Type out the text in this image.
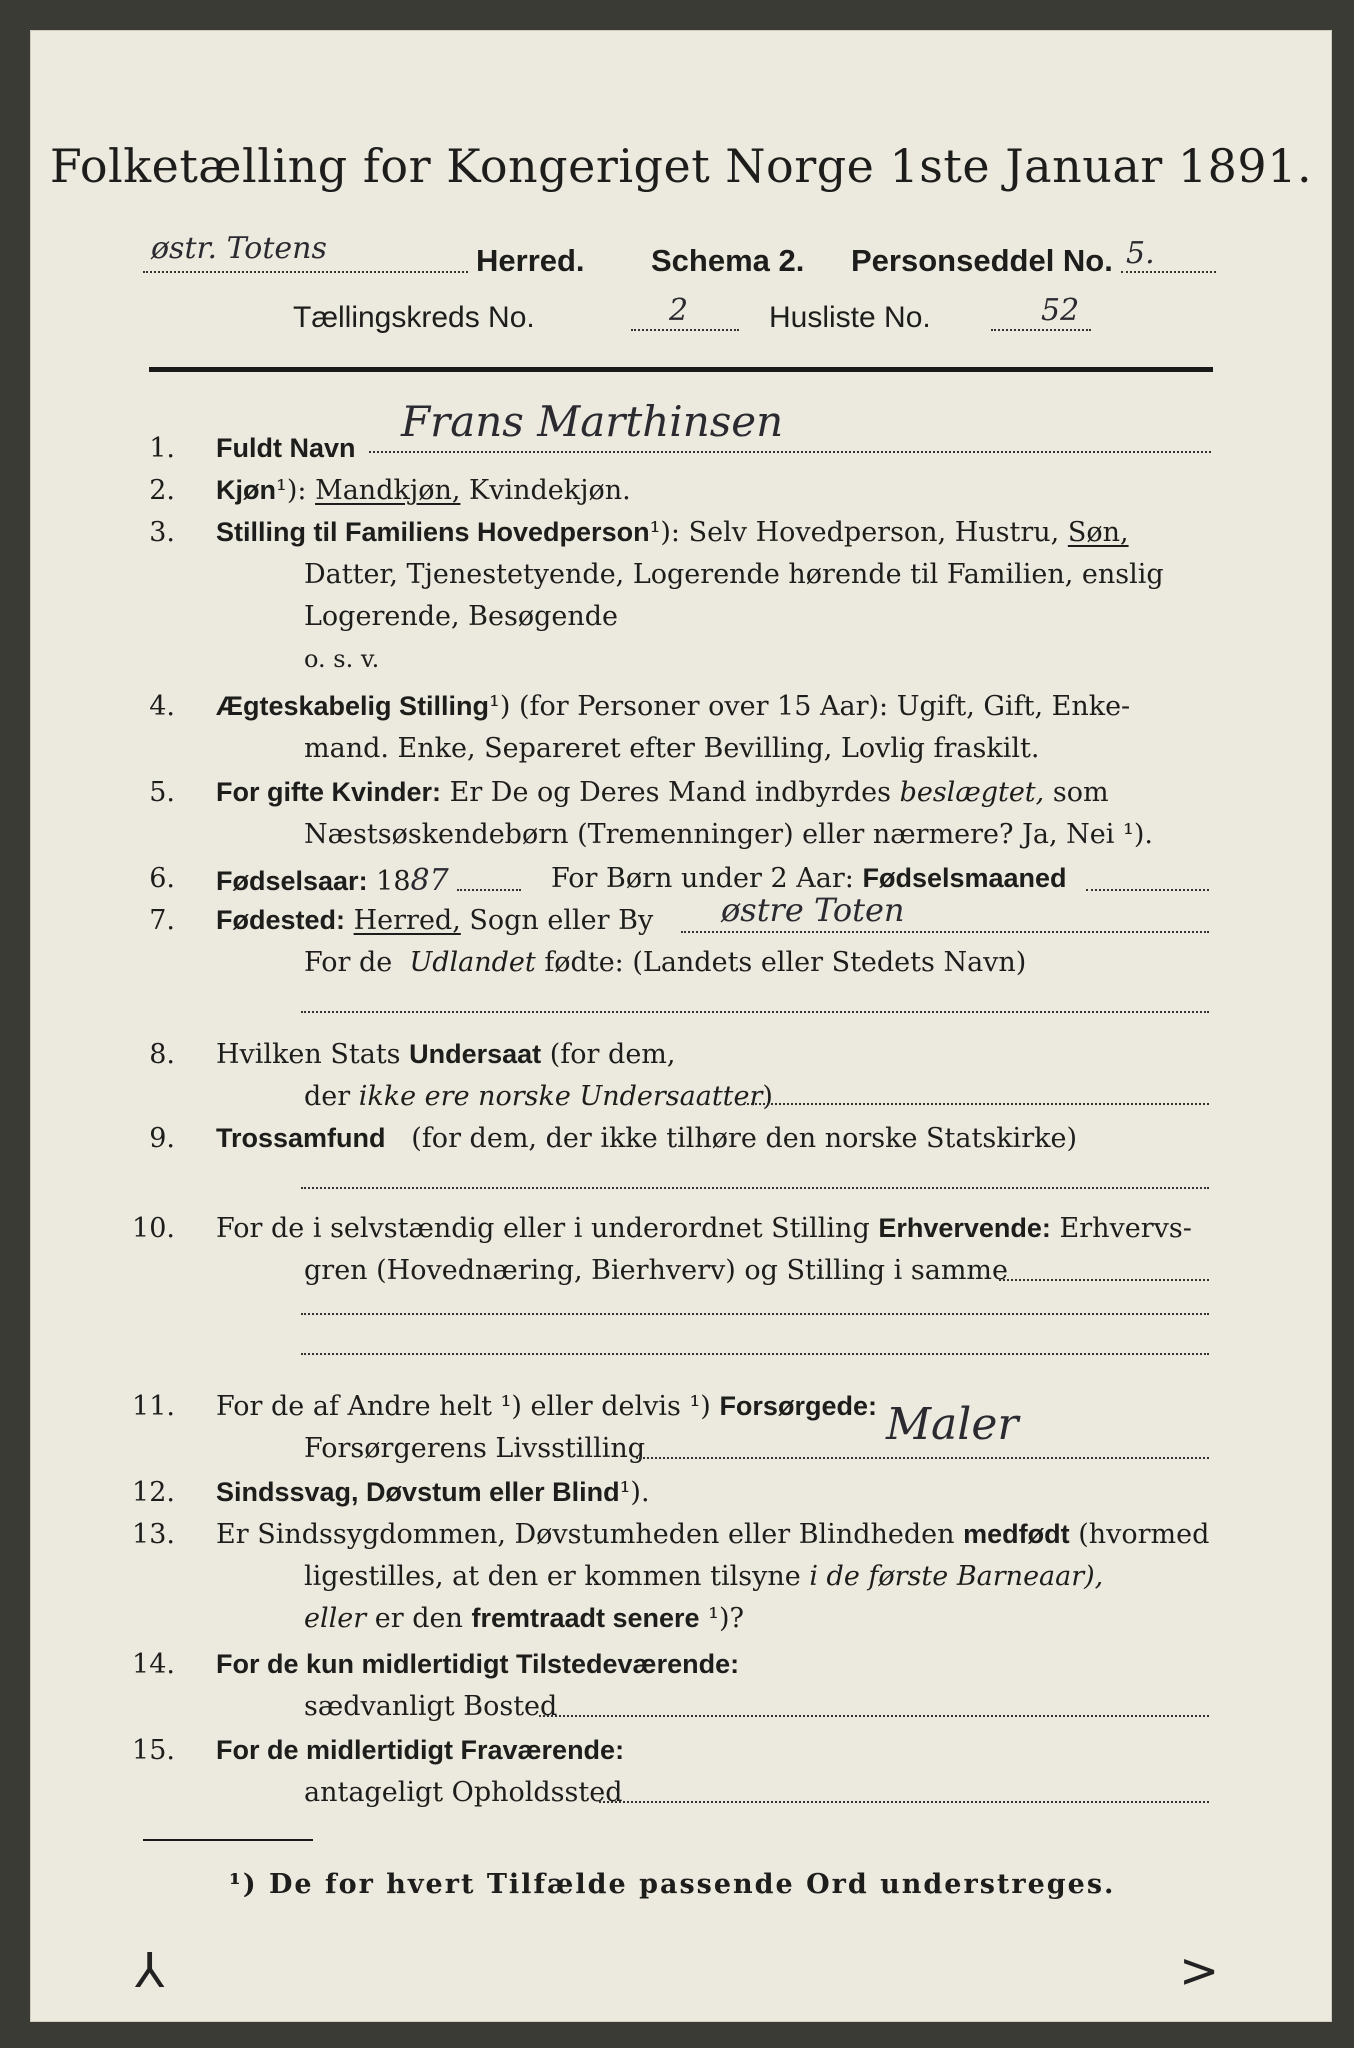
Folketælling for Kongeriget Norge 1ste Januar 1891.
østr. Totens	Herred. Schema 2. Personseddel No. 5.
Tællingskreds No.	2	Husliste No.	52
1. Fuldt Navn
Frans Marthinsen
2. Kjøn¹): Mandkjøn, Kvindekjøn.
3. Stilling til Familiens Hovedperson¹): Selv Hovedperson, Hustru, Søn,
Datter, Tjenestetyende, Logerende hørende til Familien, enslig
Logerende, Besøgende
o. s. v.
4. Ægteskabelig Stilling¹) (for Personer over 15 Aar): Ugift, Gift, Enke-
mand. Enke, Separeret efter Bevilling, Lovlig fraskilt.
5. For gifte Kvinder: Er De og Deres Mand indbyrdes beslægtet, som
Næstsøskendebørn (Tremenninger) eller nærmere? Ja, Nei ¹).
6. Fødselsaar: 1887	For Børn under 2 Aar: Fødselsmaaned
7. Fødested: Herred, Sogn eller By østre Toten
For de Udlandet fødte: (Landets eller Stedets Navn)
8. Hvilken Stats Undersaat (for dem,
der ikke ere norske Undersaatter)
9. Trossamfund (for dem, der ikke tilhøre den norske Statskirke)
10. For de i selvstændig eller i underordnet Stilling Erhvervende: Erhvervs-
gren (Hovednæring, Bierhverv) og Stilling i samme
11. For de af Andre helt ¹) eller delvis ¹) Forsørgede:
Forsørgerens Livsstilling	Maler
12. Sindssvag, Døvstum eller Blind¹).
13. Er Sindssygdommen, Døvstumheden eller Blindheden medfødt (hvormed
ligestilles, at den er kommen tilsyne i de første Barneaar),
eller er den fremtraadt senere ¹)?
14. For de kun midlertidigt Tilstedeværende:
sædvanligt Bosted
15. For de midlertidigt Fraværende:
antageligt Opholdssted
¹) De for hvert Tilfælde passende Ord understreges.
⅄	>
